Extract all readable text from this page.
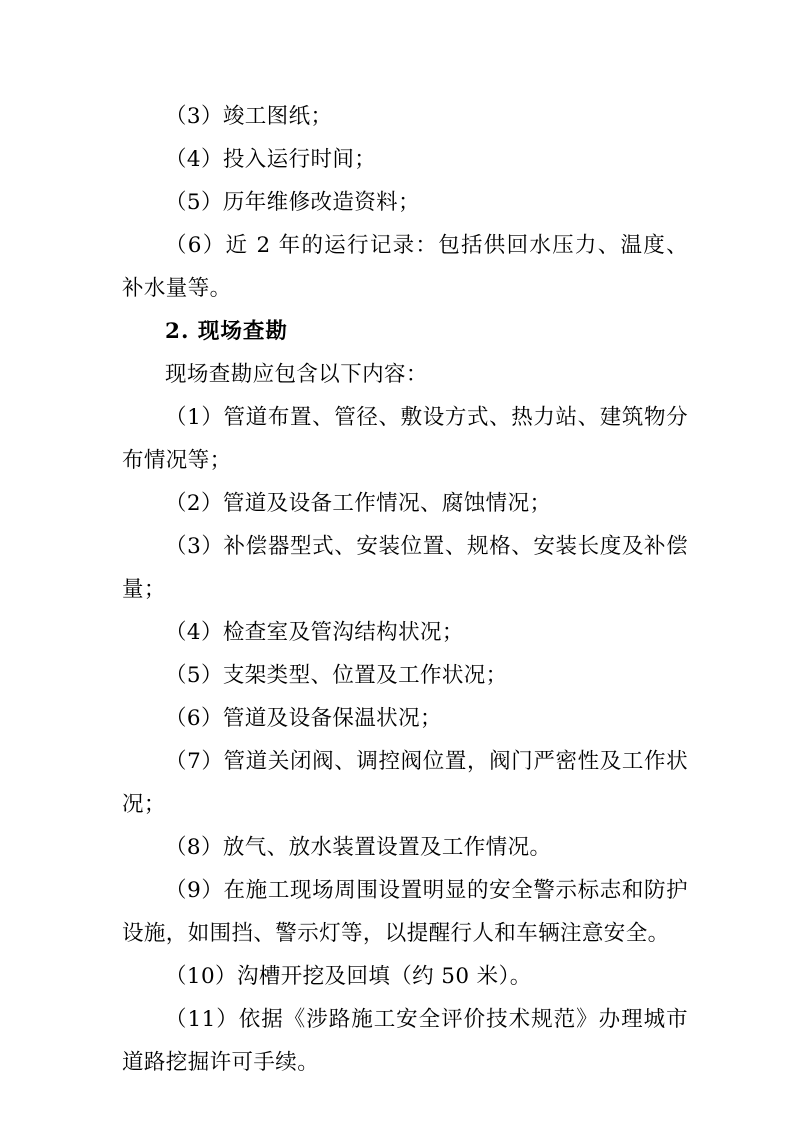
（3）竣工图纸；

（4）投入运行时间；

（5）历年维修改造资料；

（6）近 2 年的运行记录：包括供回水压力、温度、补水量等。

2. 现场查勘

现场查勘应包含以下内容：

（1）管道布置、管径、敷设方式、热力站、建筑物分布情况等；

（2）管道及设备工作情况、腐蚀情况；

（3）补偿器型式、安装位置、规格、安装长度及补偿量；

（4）检查室及管沟结构状况；

（5）支架类型、位置及工作状况；

（6）管道及设备保温状况；

（7）管道关闭阀、调控阀位置，阀门严密性及工作状况；

（8）放气、放水装置设置及工作情况。

（9）在施工现场周围设置明显的安全警示标志和防护设施，如围挡、警示灯等，以提醒行人和车辆注意安全。

（10）沟槽开挖及回填（约 50 米）。

（11）依据《涉路施工安全评价技术规范》办理城市道路挖掘许可手续。
